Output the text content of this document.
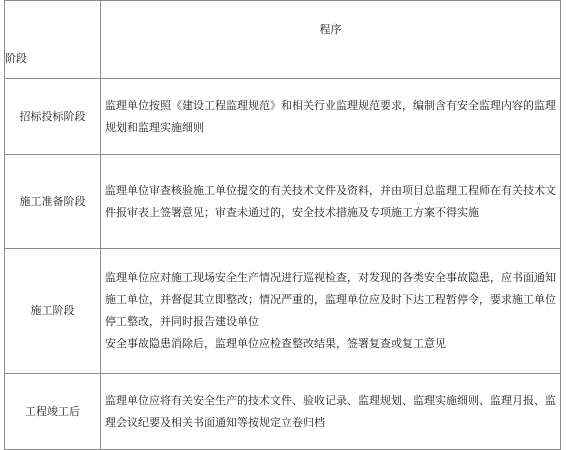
阶段	程序
招标投标阶段	监理单位按照《建设工程监理规范》和相关行业监理规范要求，编制含有安全监理内容的监理规划和监理实施细则

施工准备阶段	监理单位审查核验施工单位提交的有关技术文件及资料，并由项目总监理工程师在有关技术文件报审表上签署意见；审查未通过的，安全技术措施及专项施工方案不得实施

施工阶段	监理单位应对施工现场安全生产情况进行巡视检查，对发现的各类安全事故隐患，应书面通知施工单位，并督促其立即整改；情况严重的，监理单位应及时下达工程暂停令，要求施工单位停工整改，并同时报告建设单位
安全事故隐患消除后，监理单位应检查整改结果，签署复查或复工意见

工程竣工后	监理单位应将有关安全生产的技术文件、验收记录、监理规划、监理实施细则、监理月报、监理会议纪要及相关书面通知等按规定立卷归档
